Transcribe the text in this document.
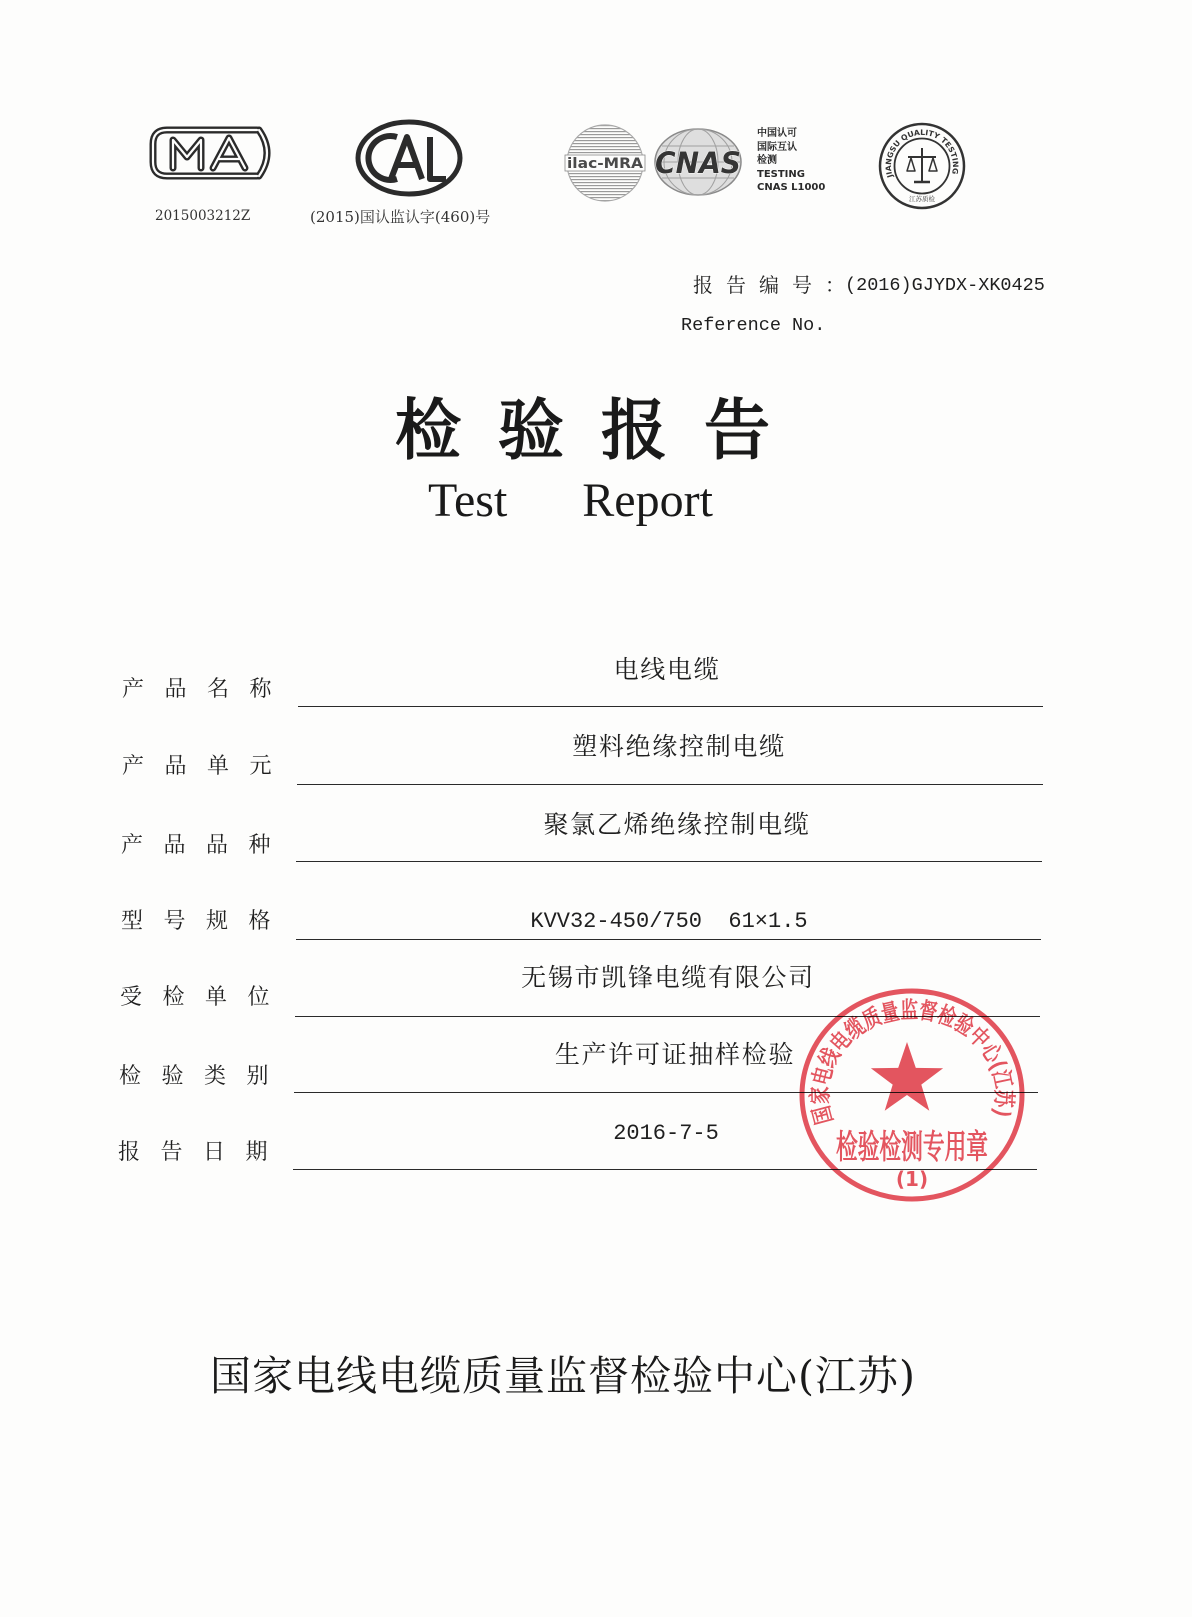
2015003212Z	(2015)国认监认字(460)号
ilac-MRA CNAS
中国认可
国际互认
检测
TESTING
CNAS L1000
JIANGSU QUALITY TESTING
江苏质检
报告编号：
(2016)GJYDX-XK0425
Reference No.
检验报告
Test Report
产品名称
电线电缆
产品单元
塑料绝缘控制电缆
产品品种
聚氯乙烯绝缘控制电缆
型号规格	KVV32-450/750  61×1.5
受检单位
无锡市凯锋电缆有限公司
检验类别
生产许可证抽样检验
报告日期
2016-7-5
国家电线电缆质量监督检验中心(江苏)
检验检测专用章
(1)
国家电线电缆质量监督检验中心(江苏)
